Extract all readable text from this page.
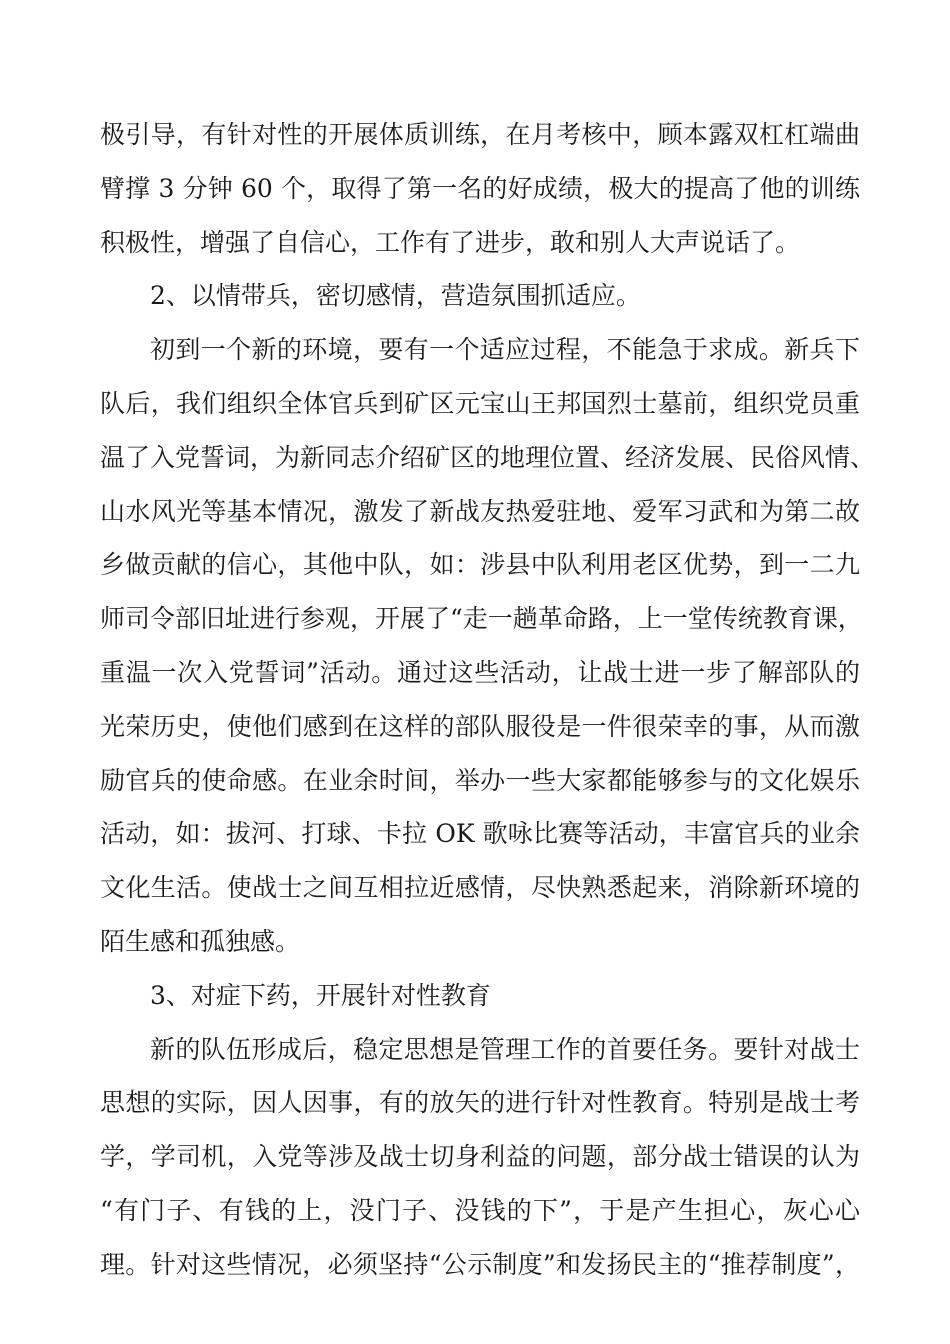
极引导，有针对性的开展体质训练，在月考核中，顾本露双杠杠端曲
臂撑 3 分钟 60 个，取得了第一名的好成绩，极大的提高了他的训练
积极性，增强了自信心，工作有了进步，敢和别人大声说话了。
2、以情带兵，密切感情，营造氛围抓适应。
初到一个新的环境，要有一个适应过程，不能急于求成。新兵下
队后，我们组织全体官兵到矿区元宝山王邦国烈士墓前，组织党员重
温了入党誓词，为新同志介绍矿区的地理位置、经济发展、民俗风情、
山水风光等基本情况，激发了新战友热爱驻地、爱军习武和为第二故
乡做贡献的信心，其他中队，如：涉县中队利用老区优势，到一二九
师司令部旧址进行参观，开展了“走一趟革命路，上一堂传统教育课，
重温一次入党誓词”活动。通过这些活动，让战士进一步了解部队的
光荣历史，使他们感到在这样的部队服役是一件很荣幸的事，从而激
励官兵的使命感。在业余时间，举办一些大家都能够参与的文化娱乐
活动，如：拔河、打球、卡拉 OK 歌咏比赛等活动，丰富官兵的业余
文化生活。使战士之间互相拉近感情，尽快熟悉起来，消除新环境的
陌生感和孤独感。
3、对症下药，开展针对性教育
新的队伍形成后，稳定思想是管理工作的首要任务。要针对战士
思想的实际，因人因事，有的放矢的进行针对性教育。特别是战士考
学，学司机，入党等涉及战士切身利益的问题，部分战士错误的认为
“有门子、有钱的上，没门子、没钱的下”，于是产生担心，灰心心
理。针对这些情况，必须坚持“公示制度”和发扬民主的“推荐制度”，
